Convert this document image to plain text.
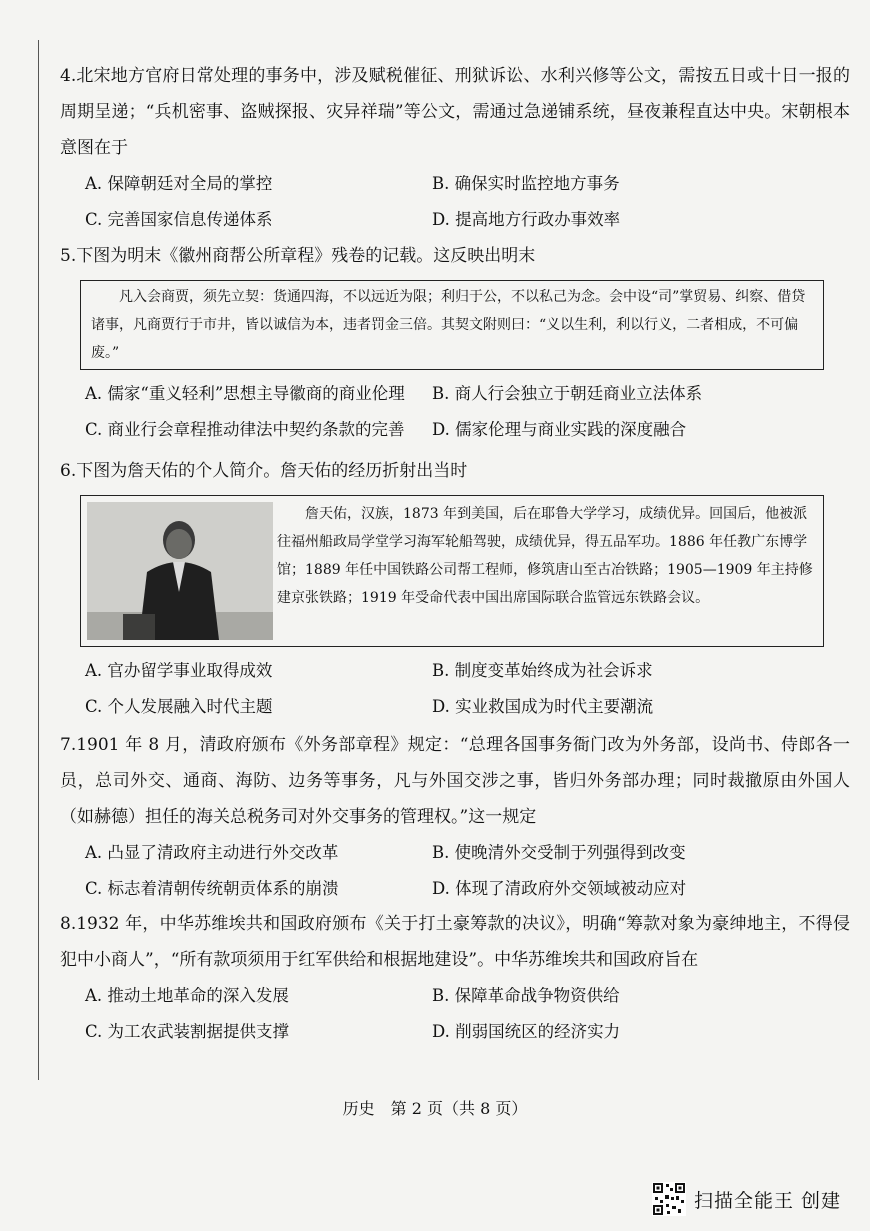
4.北宋地方官府日常处理的事务中，涉及赋税催征、刑狱诉讼、水利兴修等公文，需按五日或十日一报的周期呈递；“兵机密事、盗贼探报、灾异祥瑞”等公文，需通过急递铺系统，昼夜兼程直达中央。宋朝根本意图在于

A. 保障朝廷对全局的掌控	B. 确保实时监控地方事务
C. 完善国家信息传递体系	D. 提高地方行政办事效率

5.下图为明末《徽州商帮公所章程》残卷的记载。这反映出明末

凡入会商贾，须先立契：货通四海，不以远近为限；利归于公，不以私己为念。会中设“司”掌贸易、纠察、借贷诸事，凡商贾行于市井，皆以诚信为本，违者罚金三倍。其契文附则曰：“义以生利，利以行义，二者相成，不可偏废。”
A. 儒家“重义轻利”思想主导徽商的商业伦理 B. 商人行会独立于朝廷商业立法体系
C. 商业行会章程推动律法中契约条款的完善 D. 儒家伦理与商业实践的深度融合

6.下图为詹天佑的个人简介。詹天佑的经历折射出当时

詹天佑，汉族，1873 年到美国，后在耶鲁大学学习，成绩优异。回国后，他被派往福州船政局学堂学习海军轮船驾驶，成绩优异，得五品军功。1886 年任教广东博学馆；1889 年任中国铁路公司帮工程师，修筑唐山至古冶铁路；1905—1909 年主持修建京张铁路；1919 年受命代表中国出席国际联合监管远东铁路会议。
A. 官办留学事业取得成效	B. 制度变革始终成为社会诉求
C. 个人发展融入时代主题	D. 实业救国成为时代主要潮流

7.1901 年 8 月，清政府颁布《外务部章程》规定：“总理各国事务衙门改为外务部，设尚书、侍郎各一员，总司外交、通商、海防、边务等事务，凡与外国交涉之事，皆归外务部办理；同时裁撤原由外国人（如赫德）担任的海关总税务司对外交事务的管理权。”这一规定

A. 凸显了清政府主动进行外交改革	B. 使晚清外交受制于列强得到改变
C. 标志着清朝传统朝贡体系的崩溃	D. 体现了清政府外交领域被动应对

8.1932 年，中华苏维埃共和国政府颁布《关于打土豪筹款的决议》，明确“筹款对象为豪绅地主，不得侵犯中小商人”，“所有款项须用于红军供给和根据地建设”。中华苏维埃共和国政府旨在

A. 推动土地革命的深入发展	B. 保障革命战争物资供给
C. 为工农武装割据提供支撑	D. 削弱国统区的经济实力
历史　第 2 页（共 8 页）
扫描全能王 创建
